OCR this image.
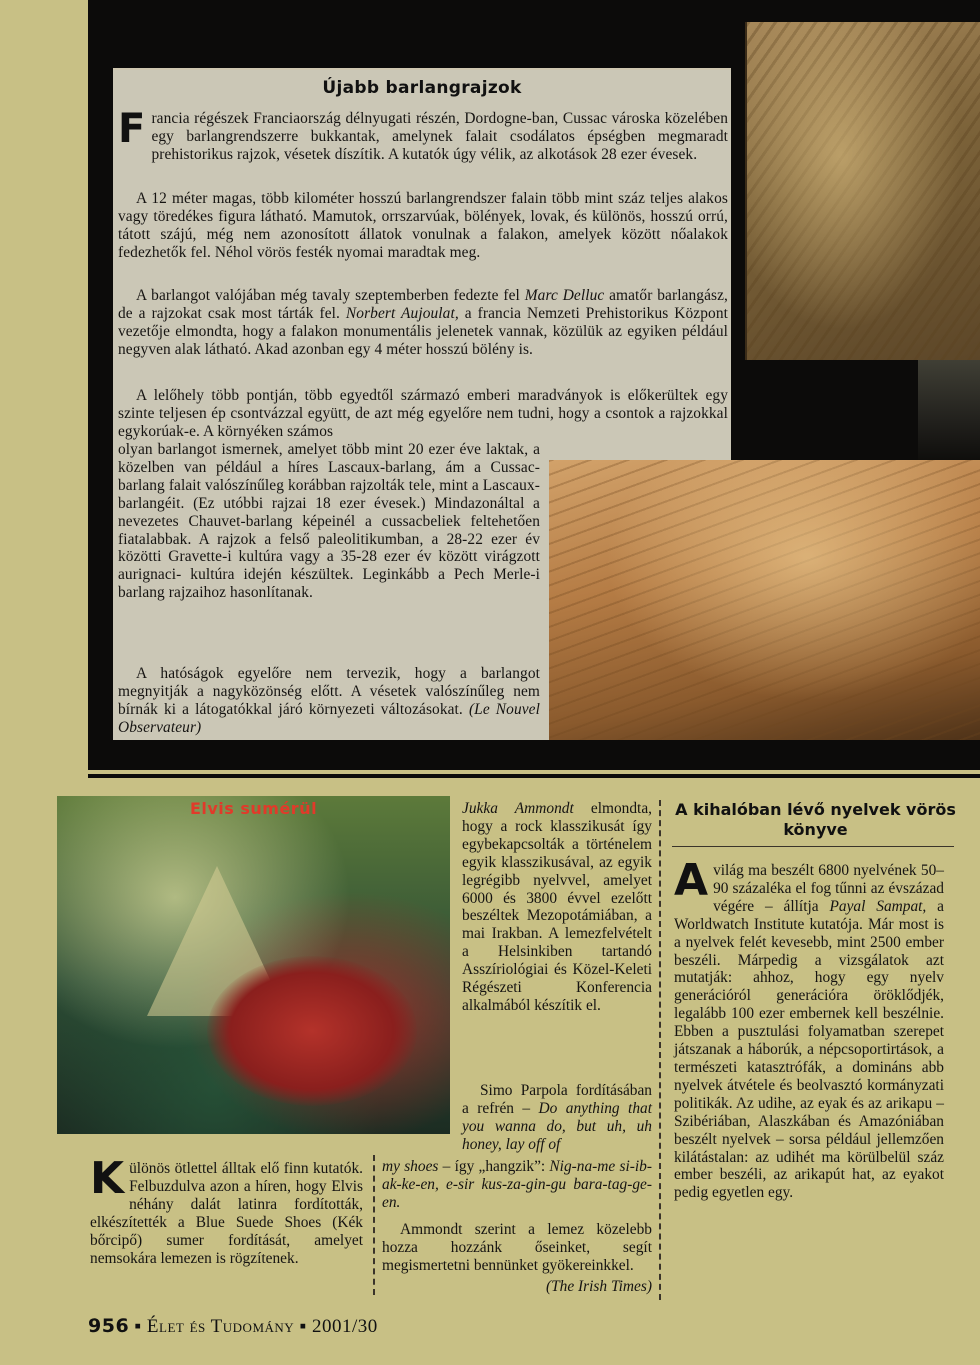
Újabb barlangrajzok

Francia régészek Franciaország délnyugati részén, Dordogne-ban, Cussac városka közelében egy barlangrendszerre bukkantak, amelynek falait csodálatos épségben megmaradt prehistorikus rajzok, vésetek díszítik. A kutatók úgy vélik, az alkotások 28 ezer évesek.

A 12 méter magas, több kilométer hosszú barlangrendszer falain több mint száz teljes alakos vagy töredékes figura látható. Mamutok, orrszarvúak, bölények, lovak, és különös, hosszú orrú, tátott szájú, még nem azonosított állatok vonulnak a falakon, amelyek között nőalakok fedezhetők fel. Néhol vörös festék nyomai maradtak meg.

A barlangot valójában még tavaly szeptemberben fedezte fel Marc Delluc amatőr barlangász, de a rajzokat csak most tárták fel. Norbert Aujoulat, a francia Nemzeti Prehistorikus Központ vezetője elmondta, hogy a falakon monumentális jelenetek vannak, közülük az egyiken például negyven alak látható. Akad azonban egy 4 méter hosszú bölény is.

A lelőhely több pontján, több egyedtől származó emberi maradványok is előkerültek egy szinte teljesen ép csontvázzal együtt, de azt még egyelőre nem tudni, hogy a csontok a rajzokkal egykorúak-e. A környéken számos

olyan barlangot ismernek, amelyet több mint 20 ezer éve laktak, a közelben van például a híres Lascaux-barlang, ám a Cussac-barlang falait valószínűleg korábban rajzolták tele, mint a Lascaux-barlangéit. (Ez utóbbi rajzai 18 ezer évesek.) Mindazonáltal a nevezetes Chauvet-barlang képeinél a cussacbeliek feltehetően fiatalabbak. A rajzok a felső paleolitikumban, a 28-22 ezer év közötti Gravette-i kultúra vagy a 35-28 ezer év között virágzott aurignaci- kultúra idején készültek. Leginkább a Pech Merle-i barlang rajzaihoz hasonlítanak.

A hatóságok egyelőre nem tervezik, hogy a barlangot megnyitják a nagyközönség előtt. A vésetek valószínűleg nem bírnák ki a látogatókkal járó környezeti változásokat. (Le Nouvel Observateur)

Elvis sumérül

Különös ötlettel álltak elő finn kutatók. Felbuzdulva azon a híren, hogy Elvis néhány dalát latinra fordították, elkészítették a Blue Suede Shoes (Kék bőrcipő) sumer fordítását, amelyet nemsokára lemezen is rögzítenek.

Jukka Ammondt elmondta, hogy a rock klasszikusát így egybekapcsolták a történelem egyik klasszikusával, az egyik legrégibb nyelvvel, amelyet 6000 és 3800 évvel ezelőtt beszéltek Mezopotámiában, a mai Irakban. A lemezfelvételt a Helsinkiben tartandó Asszíriológiai és Közel-Keleti Régészeti Konferencia alkalmából készítik el.

Simo Parpola fordításában a refrén – Do anything that you wanna do, but uh, uh honey, lay off of

my shoes – így „hangzik”: Nig-na-me si-ib-ak-ke-en, e-sir kus-za-gin-gu bara-tag-ge-en.

Ammondt szerint a lemez közelebb hozza hozzánk őseinket, segít megismertetni bennünket gyökereinkkel.

(The Irish Times)

A kihalóban lévő nyelvek vörös könyve

A világ ma beszélt 6800 nyelvének 50–90 százaléka el fog tűnni az évszázad végére – állítja Payal Sampat, a Worldwatch Institute kutatója. Már most is a nyelvek felét kevesebb, mint 2500 ember beszéli. Márpedig a vizsgálatok azt mutatják: ahhoz, hogy egy nyelv generációról generációra öröklődjék, legalább 100 ezer embernek kell beszélnie. Ebben a pusztulási folyamatban szerepet játszanak a háborúk, a népcsoportirtások, a természeti katasztrófák, a domináns abb nyelvek átvétele és beolvasztó kormányzati politikák. Az udihe, az eyak és az arikapu – Szibériában, Alaszkában és Amazóniában beszélt nyelvek – sorsa például jellemzően kilátástalan: az udihét ma körülbelül száz ember beszéli, az arikapút hat, az eyakot pedig egyetlen egy.

956 ▪ Élet és Tudomány ▪ 2001/30
